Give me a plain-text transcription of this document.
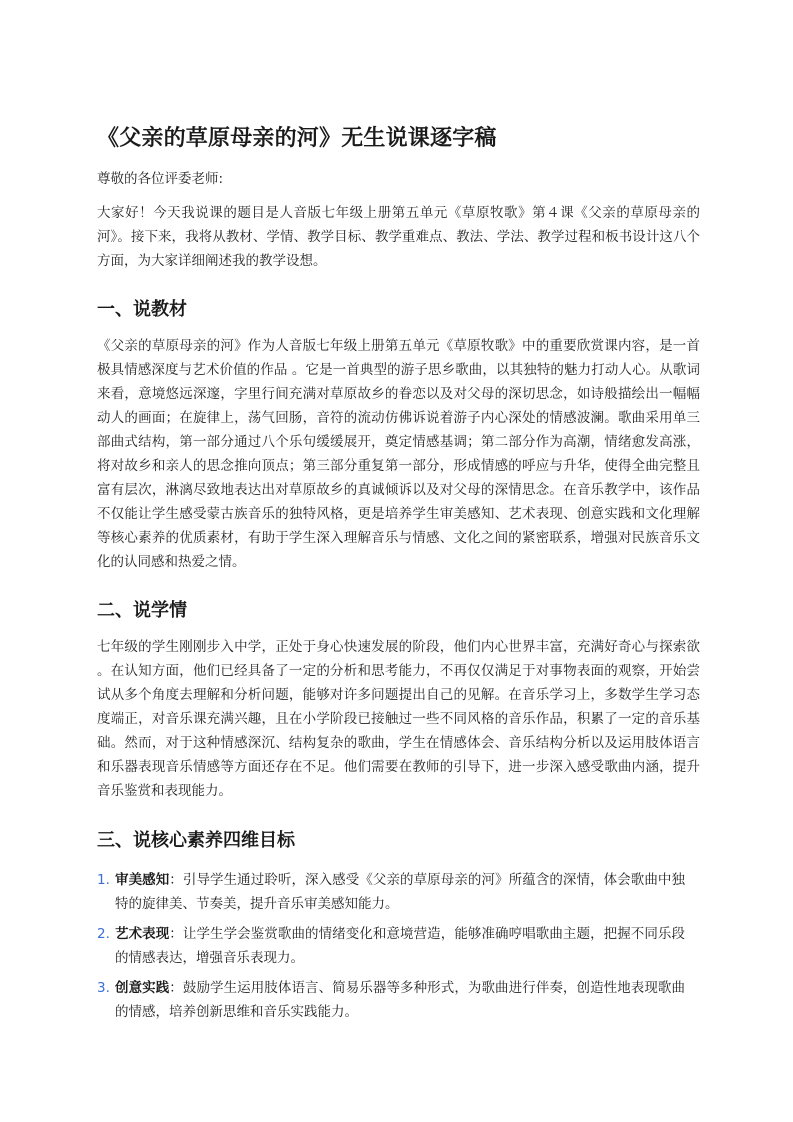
《父亲的草原母亲的河》无生说课逐字稿
尊敬的各位评委老师:

大家好！今天我说课的题目是人音版七年级上册第五单元《草原牧歌》第４课《父亲的草原母亲的河》。接下来，我将从教材、学情、教学目标、教学重难点、教法、学法、教学过程和板书设计这八个方面，为大家详细阐述我的教学设想。

一、说教材

《父亲的草原母亲的河》作为人音版七年级上册第五单元《草原牧歌》中的重要欣赏课内容，是一首极具情感深度与艺术价值的作品 。它是一首典型的游子思乡歌曲，以其独特的魅力打动人心。从歌词来看，意境悠远深邃，字里行间充满对草原故乡的眷恋以及对父母的深切思念，如诗般描绘出一幅幅动人的画面；在旋律上，荡气回肠，音符的流动仿佛诉说着游子内心深处的情感波澜。歌曲采用单三部曲式结构，第一部分通过八个乐句缓缓展开，奠定情感基调；第二部分作为高潮，情绪愈发高涨，将对故乡和亲人的思念推向顶点；第三部分重复第一部分，形成情感的呼应与升华，使得全曲完整且富有层次，淋漓尽致地表达出对草原故乡的真诚倾诉以及对父母的深情思念。在音乐教学中，该作品不仅能让学生感受蒙古族音乐的独特风格，更是培养学生审美感知、艺术表现、创意实践和文化理解等核心素养的优质素材，有助于学生深入理解音乐与情感、文化之间的紧密联系，增强对民族音乐文化的认同感和热爱之情。

二、说学情

七年级的学生刚刚步入中学，正处于身心快速发展的阶段，他们内心世界丰富，充满好奇心与探索欲 。在认知方面，他们已经具备了一定的分析和思考能力，不再仅仅满足于对事物表面的观察，开始尝试从多个角度去理解和分析问题，能够对许多问题提出自己的见解。在音乐学习上，多数学生学习态度端正，对音乐课充满兴趣，且在小学阶段已接触过一些不同风格的音乐作品，积累了一定的音乐基础。然而，对于这种情感深沉、结构复杂的歌曲，学生在情感体会、音乐结构分析以及运用肢体语言和乐器表现音乐情感等方面还存在不足。他们需要在教师的引导下，进一步深入感受歌曲内涵，提升音乐鉴赏和表现能力。

三、说核心素养四维目标
1. 审美感知：引导学生通过聆听，深入感受《父亲的草原母亲的河》所蕴含的深情，体会歌曲中独特的旋律美、节奏美，提升音乐审美感知能力。
2. 艺术表现：让学生学会鉴赏歌曲的情绪变化和意境营造，能够准确哼唱歌曲主题，把握不同乐段的情感表达，增强音乐表现力。
3. 创意实践：鼓励学生运用肢体语言、简易乐器等多种形式，为歌曲进行伴奏，创造性地表现歌曲的情感，培养创新思维和音乐实践能力。
